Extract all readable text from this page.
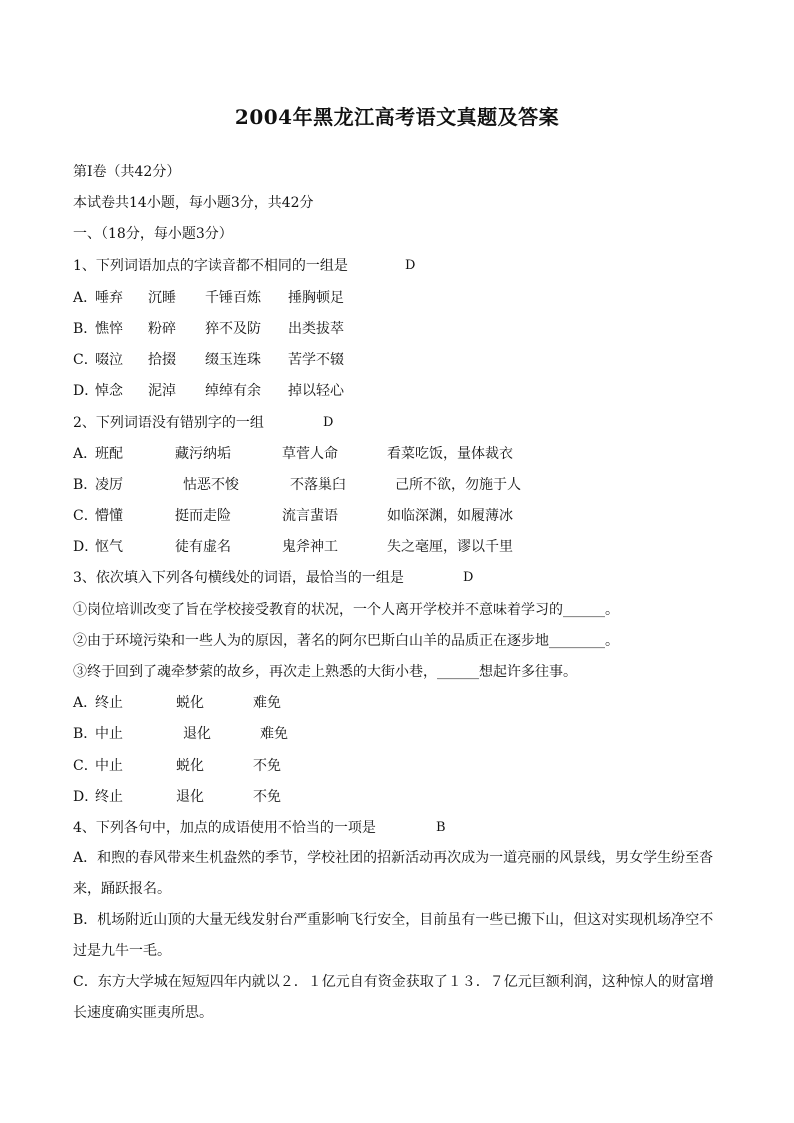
2004年黑龙江高考语文真题及答案
第Ⅰ卷（共42分）
本试卷共14小题，每小题3分，共42分
一、（18分，每小题3分）
1、下列词语加点的字读音都不相同的一组是	D
A．
唾弃 沉睡 千锤百炼 捶胸顿足
B．
憔悴 粉碎 猝不及防 出类拔萃
C．
啜泣 拾掇 缀玉连珠 苦学不辍
D．
悼念 泥淖 绰绰有余 掉以轻心
2、下列词语没有错别字的一组	D
A．
班配	藏污纳垢	草菅人命	看菜吃饭，量体裁衣
B．
凌厉	怙恶不悛	不落巢臼	己所不欲，勿施于人
C．
懵懂	挺而走险	流言蜚语	如临深渊，如履薄冰
D．
怄气	徒有虚名	鬼斧神工	失之毫厘，谬以千里
3、依次填入下列各句横线处的词语，最恰当的一组是	D
①岗位培训改变了旨在学校接受教育的状况，一个人离开学校并不意味着学习的______。
②由于环境污染和一些人为的原因，著名的阿尔巴斯白山羊的品质正在逐步地________。
③终于回到了魂牵梦萦的故乡，再次走上熟悉的大街小巷，______想起许多往事。
A．
终止	蜕化	难免
B．
中止	退化	难免
C．
中止	蜕化	不免
D．
终止	退化	不免
4、下列各句中，加点的成语使用不恰当的一项是	B
A．和煦的春风带来生机盎然的季节，学校社团的招新活动再次成为一道亮丽的风景线，男女学生纷至沓来，踊跃报名。
B．机场附近山顶的大量无线发射台严重影响飞行安全，目前虽有一些已搬下山，但这对实现机场净空不过是九牛一毛。
C．东方大学城在短短四年内就以２．１亿元自有资金获取了１３．７亿元巨额利润，这种惊人的财富增长速度确实匪夷所思。
